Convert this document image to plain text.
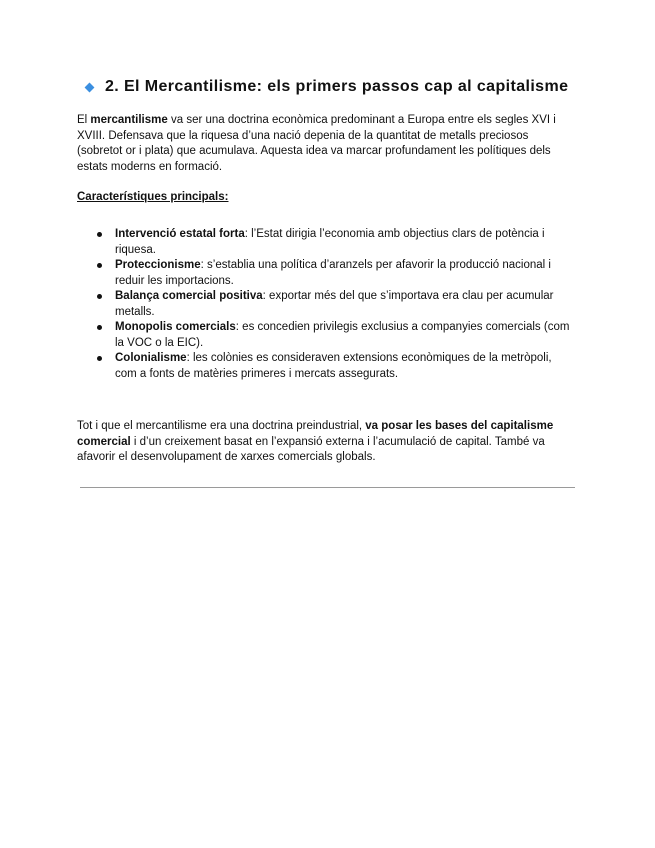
2. El Mercantilisme: els primers passos cap al capitalisme

El mercantilisme va ser una doctrina econòmica predominant a Europa entre els segles XVI i XVIII. Defensava que la riquesa d’una nació depenia de la quantitat de metalls preciosos (sobretot or i plata) que acumulava. Aquesta idea va marcar profundament les polítiques dels estats moderns en formació.

Característiques principals:

Intervenció estatal forta: l’Estat dirigia l’economia amb objectius clars de potència i riquesa.
Proteccionisme: s’establia una política d’aranzels per afavorir la producció nacional i reduir les importacions.
Balança comercial positiva: exportar més del que s’importava era clau per acumular metalls.
Monopolis comercials: es concedien privilegis exclusius a companyies comercials (com la VOC o la EIC).
Colonialisme: les colònies es consideraven extensions econòmiques de la metròpoli, com a fonts de matèries primeres i mercats assegurats.

Tot i que el mercantilisme era una doctrina preindustrial, va posar les bases del capitalisme comercial i d’un creixement basat en l’expansió externa i l’acumulació de capital. També va afavorir el desenvolupament de xarxes comercials globals.
